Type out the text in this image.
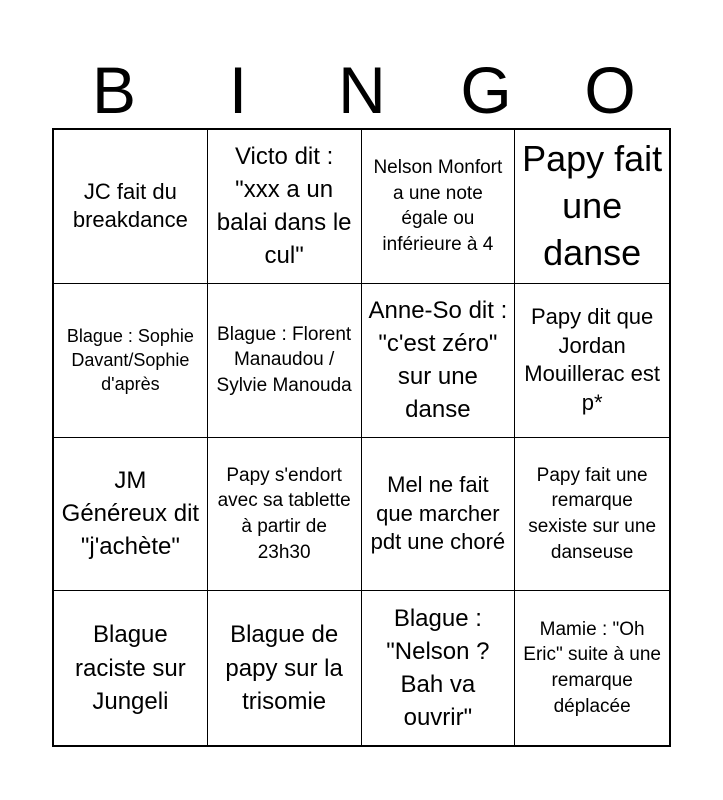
B	I	N	G	O
JC fait du breakdance
Victo dit : "xxx a un balai dans le cul"
Nelson Monfort a une note égale ou inférieure à 4
Papy fait une danse
Blague : Sophie Davant/Sophie d'après
Blague : Florent Manaudou / Sylvie Manouda
Anne-So dit : "c'est zéro" sur une danse
Papy dit que Jordan Mouillerac est p*
JM Généreux dit "j'achète"
Papy s'endort avec sa tablette à partir de 23h30
Mel ne fait que marcher pdt une choré
Papy fait une remarque sexiste sur une danseuse
Blague raciste sur Jungeli
Blague de papy sur la trisomie
Blague : "Nelson ? Bah va ouvrir"
Mamie : "Oh Eric" suite à une remarque déplacée
